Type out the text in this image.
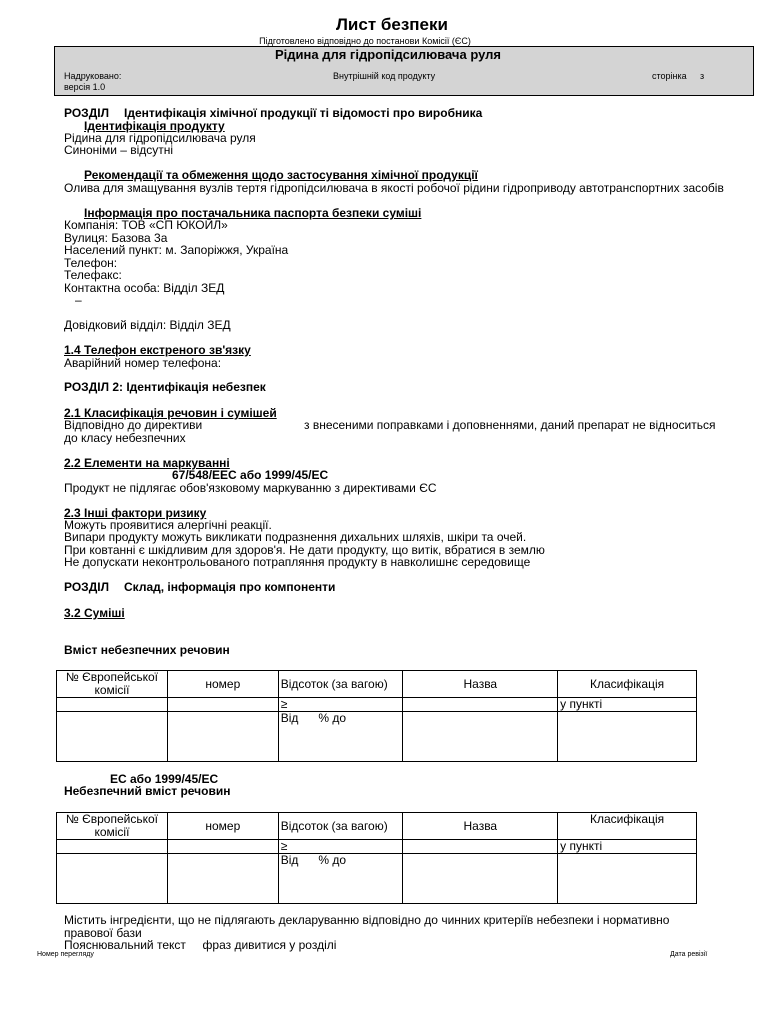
Лист безпеки
Підготовлено відповідно до постанови Комісії (ЄС)
Рідина для гідропідсилювача руля
Надруковано:	Внутрішній код продукту	сторінка з
версія 1.0
РОЗДІЛ Ідентифікація хімічної продукції ті відомості про виробника
Ідентифікація продукту
Рідина для гідропідсилювача руля
Синоніми – відсутні
Рекомендації та обмеження щодо застосування хімічної продукції
Олива для змащування вузлів тертя гідропідсилювача в якості робочої рідини гідроприводу автотранспортних засобів
Інформація про постачальника паспорта безпеки суміші
Компанія: ТОВ «СП ЮКОЙЛ»
Вулиця: Базова 3а
Населений пункт: м. Запоріжжя, Україна
Телефон:
Телефакс:
Контактна особа: Відділ ЗЕД
–
Довідковий відділ: Відділ ЗЕД
1.4 Телефон екстреного зв'язку
Аварійний номер телефона:
РОЗДІЛ 2: Ідентифікація небезпек
2.1 Класифікація речовин і сумішей
Відповідно до директиви	з внесеними поправками і доповненнями, даний препарат не відноситься
до класу небезпечних
2.2 Елементи на маркуванні
67/548/ЕЕС або 1999/45/ЕС
Продукт не підлягає обов'язковому маркуванню з директивами ЄС
2.3 Інші фактори ризику
Можуть проявитися алергічні реакції.
Випари продукту можуть викликати подразнення дихальних шляхів, шкіри та очей.
При ковтанні є шкідливим для здоров'я. Не дати продукту, що витік, вбратися в землю
Не допускати неконтрольованого потрапляння продукту в навколишнє середовище
РОЗДІЛ Склад, інформація про компоненти
3.2 Суміші
Вміст небезпечних речовин
№ Європейської комісії	номер	Відсоток (за вагою)	Назва	Класифікація
		≥		у пункті
		Від % до		
ЕС або 1999/45/ЕС
Небезпечний вміст речовин
№ Європейської комісії	номер	Відсоток (за вагою)	Назва	Класифікація
		≥		у пункті
		Від % до		
Містить інгредієнти, що не підлягають декларуванню відповідно до чинних критеріїв небезпеки і нормативно
правової бази
Пояснювальний текст     фраз дивитися у розділі
Номер перегляду	Дата ревізії
